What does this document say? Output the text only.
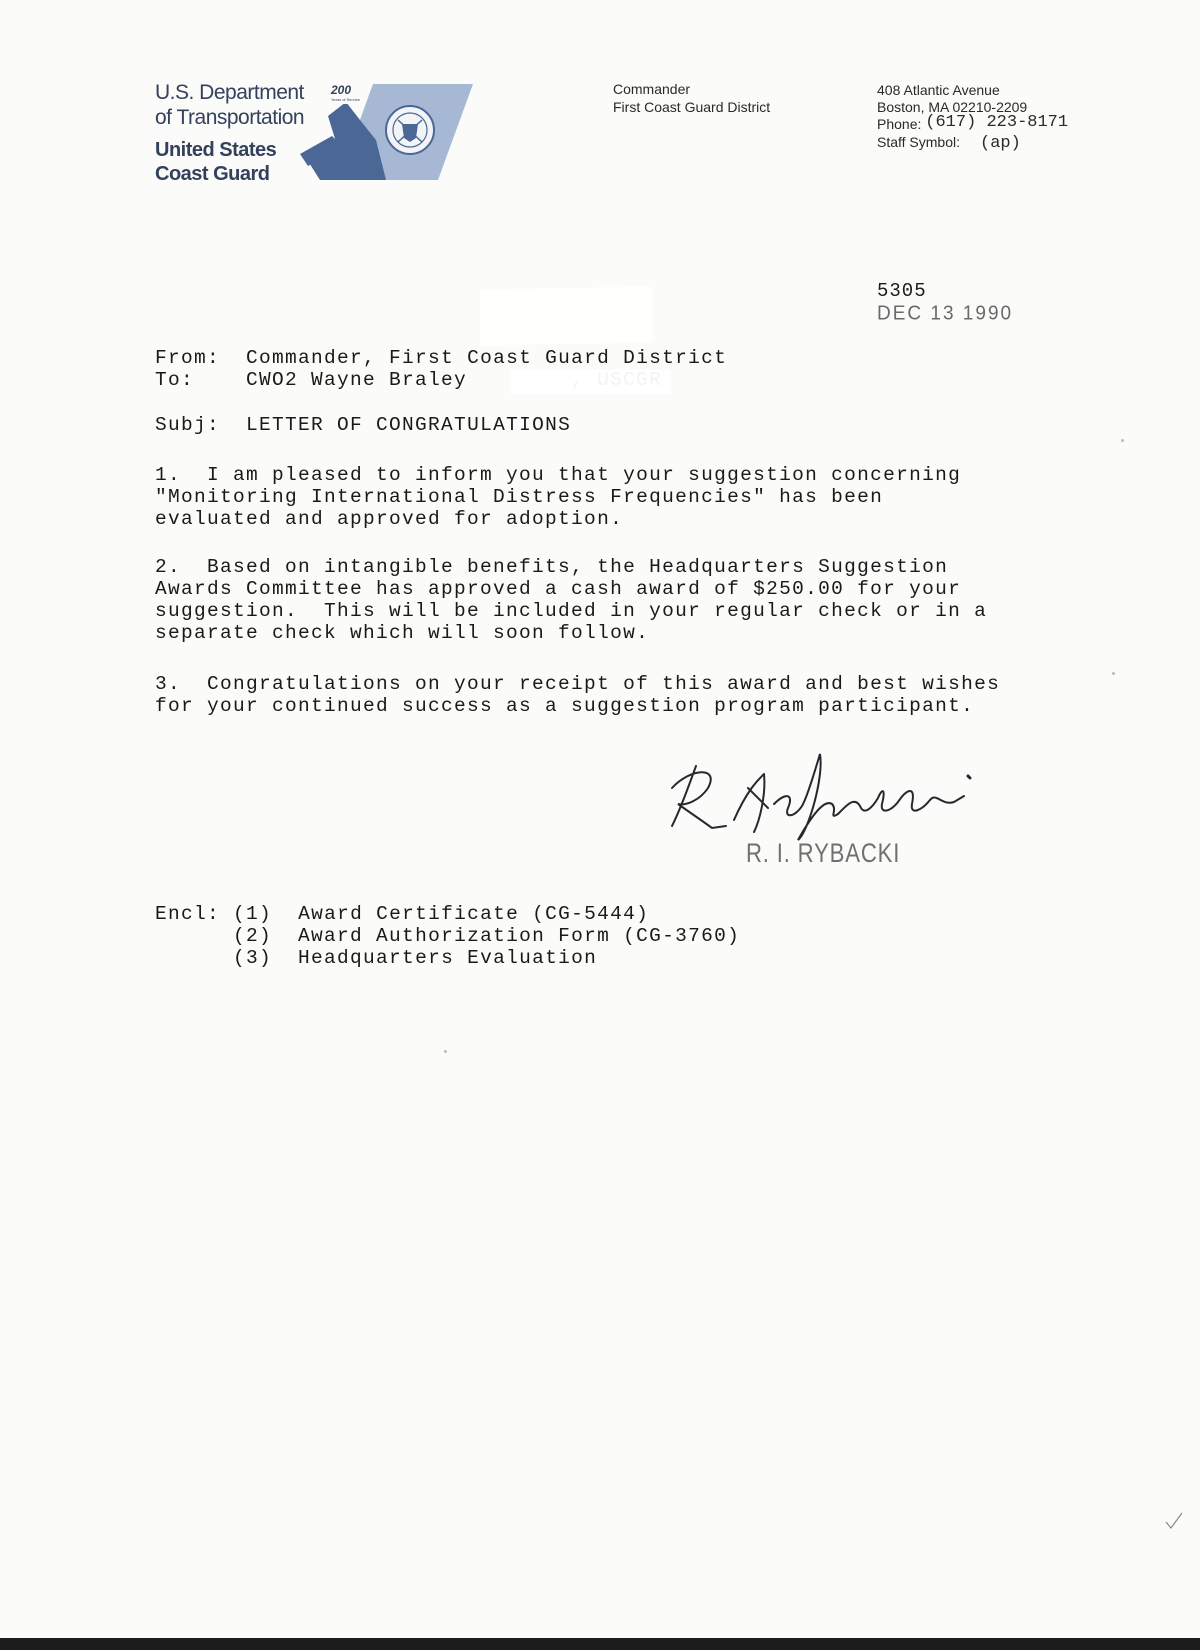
U.S. Department
of Transportation
United States
Coast Guard
200
Years of Service
Commander
First Coast Guard District
408 Atlantic Avenue
Boston, MA 02210-2209
Phone: (617) 223-8171
Staff Symbol: (ap)
5305
DEC 13 1990
From: Commander, First Coast Guard District
To:	CWO2 Wayne Braley
Subj: LETTER OF CONGRATULATIONS
1.  I am pleased to inform you that your suggestion concerning
"Monitoring International Distress Frequencies" has been
evaluated and approved for adoption.
2.  Based on intangible benefits, the Headquarters Suggestion
Awards Committee has approved a cash award of $250.00 for your
suggestion.  This will be included in your regular check or in a
separate check which will soon follow.
3.  Congratulations on your receipt of this award and best wishes
for your continued success as a suggestion program participant.
R. I. RYBACKI
Encl: (1) Award Certificate (CG-5444)
(2) Award Authorization Form (CG-3760)
(3) Headquarters Evaluation
